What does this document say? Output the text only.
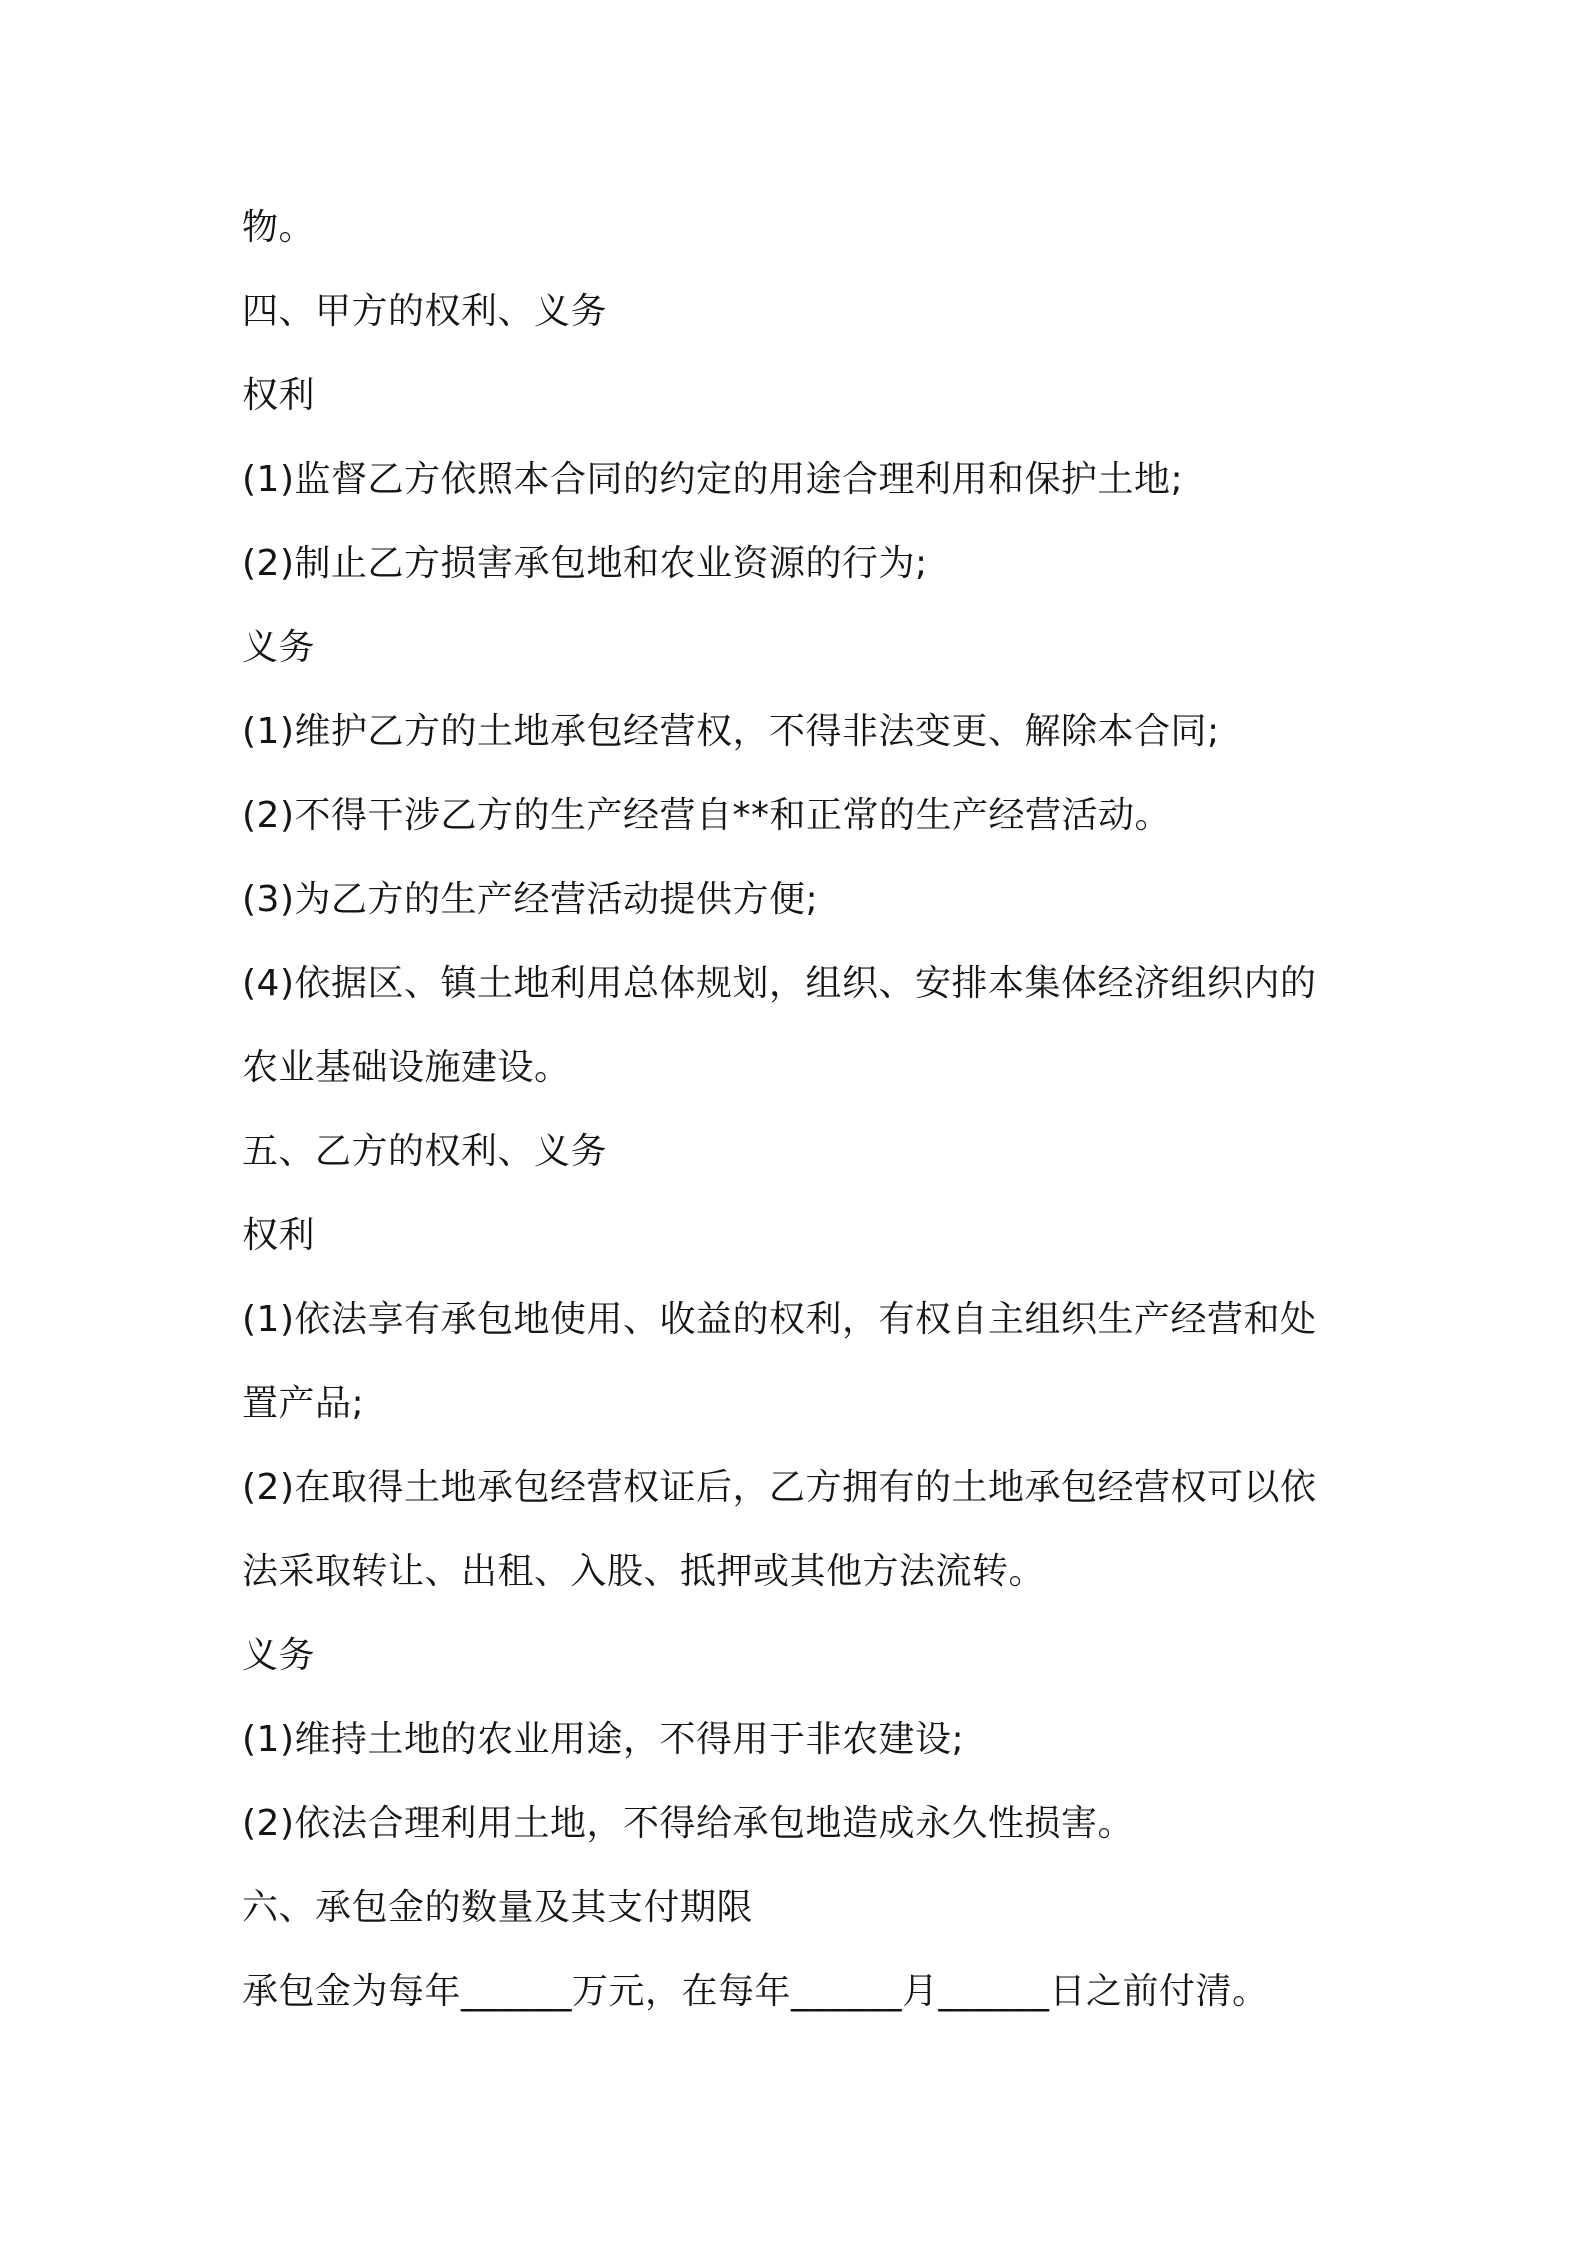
物。

四、甲方的权利、义务

权利

(1)监督乙方依照本合同的约定的用途合理利用和保护土地;

(2)制止乙方损害承包地和农业资源的行为;

义务

(1)维护乙方的土地承包经营权，不得非法变更、解除本合同;

(2)不得干涉乙方的生产经营自**和正常的生产经营活动。

(3)为乙方的生产经营活动提供方便;

(4)依据区、镇土地利用总体规划，组织、安排本集体经济组织内的

农业基础设施建设。

五、乙方的权利、义务

权利

(1)依法享有承包地使用、收益的权利，有权自主组织生产经营和处

置产品;

(2)在取得土地承包经营权证后，乙方拥有的土地承包经营权可以依

法采取转让、出租、入股、抵押或其他方法流转。

义务

(1)维持土地的农业用途，不得用于非农建设;

(2)依法合理利用土地，不得给承包地造成永久性损害。

六、承包金的数量及其支付期限

承包金为每年______万元，在每年______月______日之前付清。
